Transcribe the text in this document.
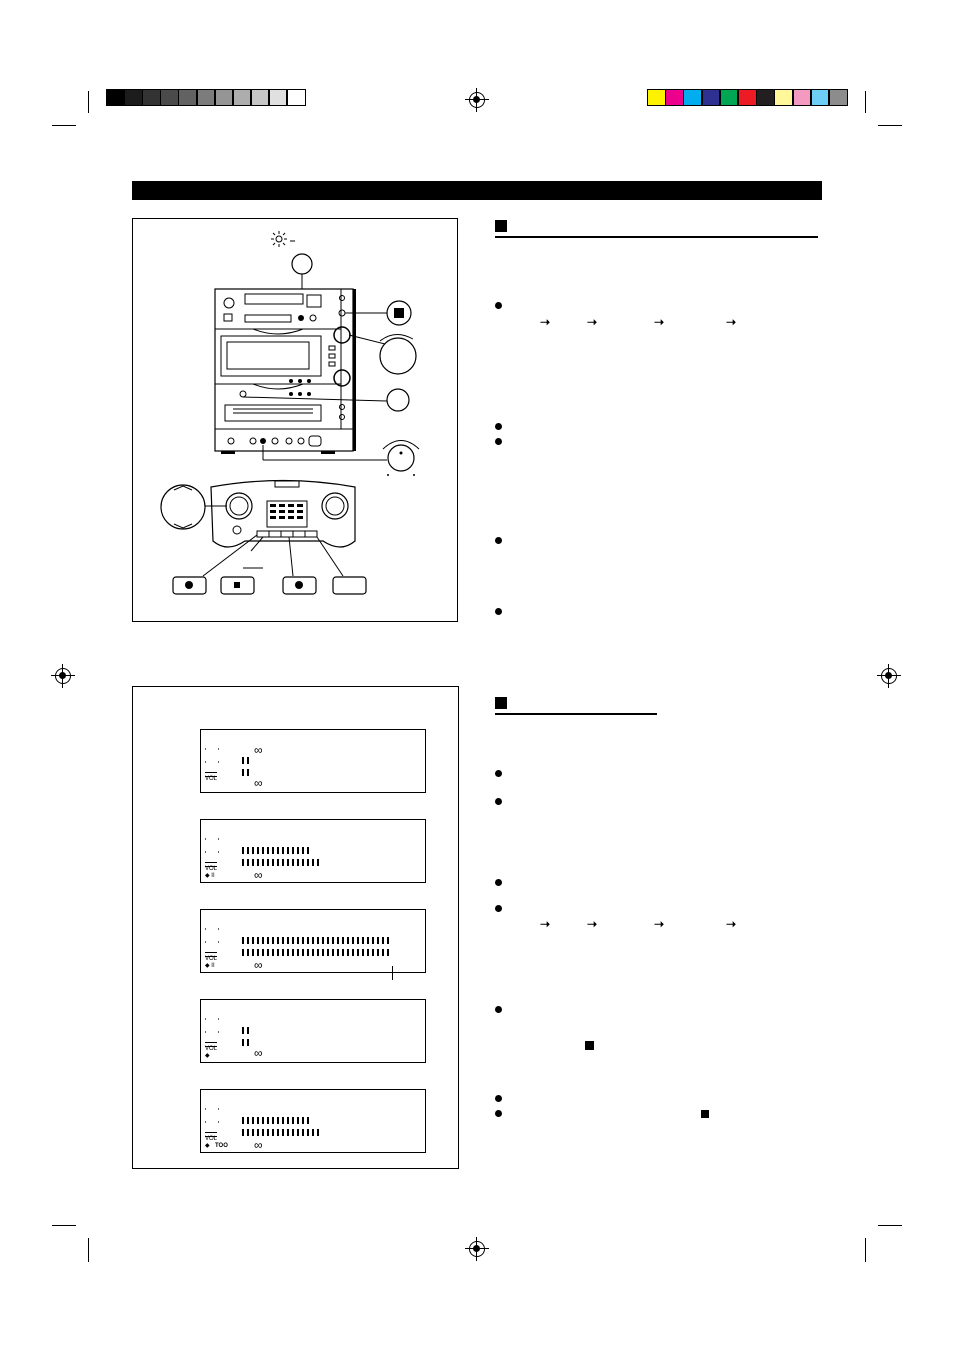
➝	➝	➝	➝
➝	➝	➝	➝
VOL
∞
∞
VOL	∞
◆ II
VOL	∞
◆ II
VOL	∞
◆
VOL	∞
◆ TOO
